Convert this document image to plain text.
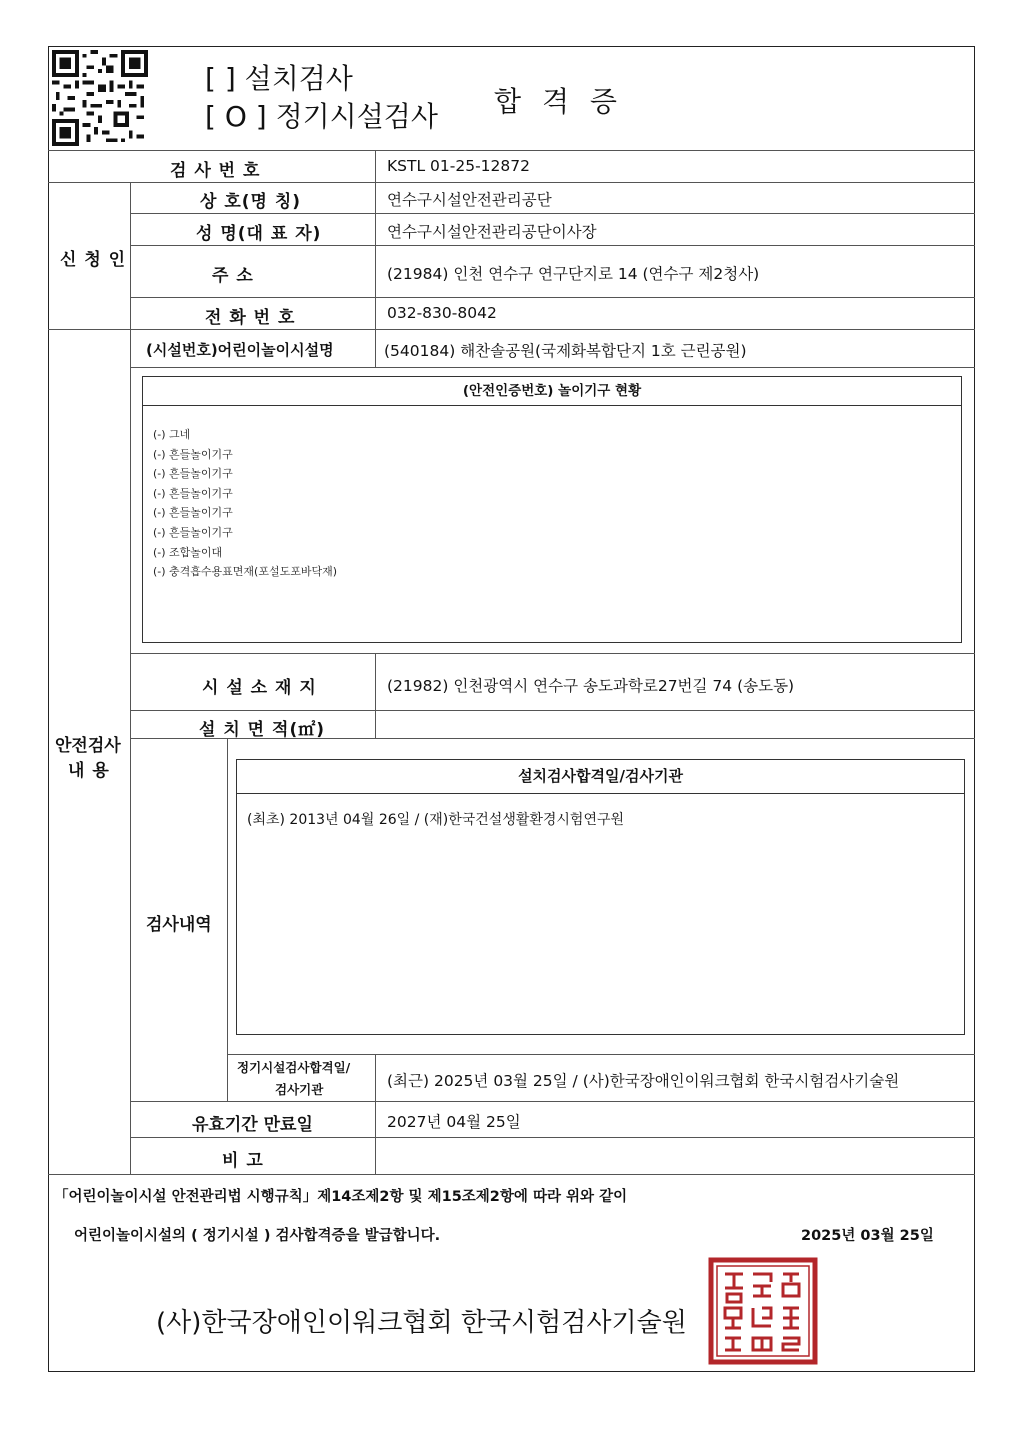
[ ] 설치검사
[ O ] 정기시설검사 합 격 증
검 사 번 호	KSTL 01-25-12872
신 청 인
상 호(명 칭)	연수구시설안전관리공단
성 명(대 표 자)	연수구시설안전관리공단이사장
주 소	(21984) 인천 연수구 연구단지로 14 (연수구 제2청사)
전 화 번 호	032-830-8042
안전검사
내 용
(시설번호)어린이놀이시설명	(540184) 해찬솔공원(국제화복합단지 1호 근린공원)
(안전인증번호) 놀이기구 현황
(-) 그네
(-) 흔들놀이기구
(-) 흔들놀이기구
(-) 흔들놀이기구
(-) 흔들놀이기구
(-) 흔들놀이기구
(-) 조합놀이대
(-) 충격흡수용표면재(포설도포바닥재)
시 설 소 재 지	(21982) 인천광역시 연수구 송도과학로27번길 74 (송도동)
설 치 면 적(㎡)
검사내역
설치검사합격일/검사기관
(최초) 2013년 04월 26일 / (재)한국건설생활환경시험연구원
정기시설검사합격일/
검사기관	(최근) 2025년 03월 25일 / (사)한국장애인이워크협회 한국시험검사기술원
유효기간 만료일	2027년 04월 25일
비 고
「어린이놀이시설 안전관리법 시행규칙」제14조제2항 및 제15조제2항에 따라 위와 같이
어린이놀이시설의 ( 정기시설 ) 검사합격증을 발급합니다.	2025년 03월 25일
(사)한국장애인이워크협회 한국시험검사기술원
